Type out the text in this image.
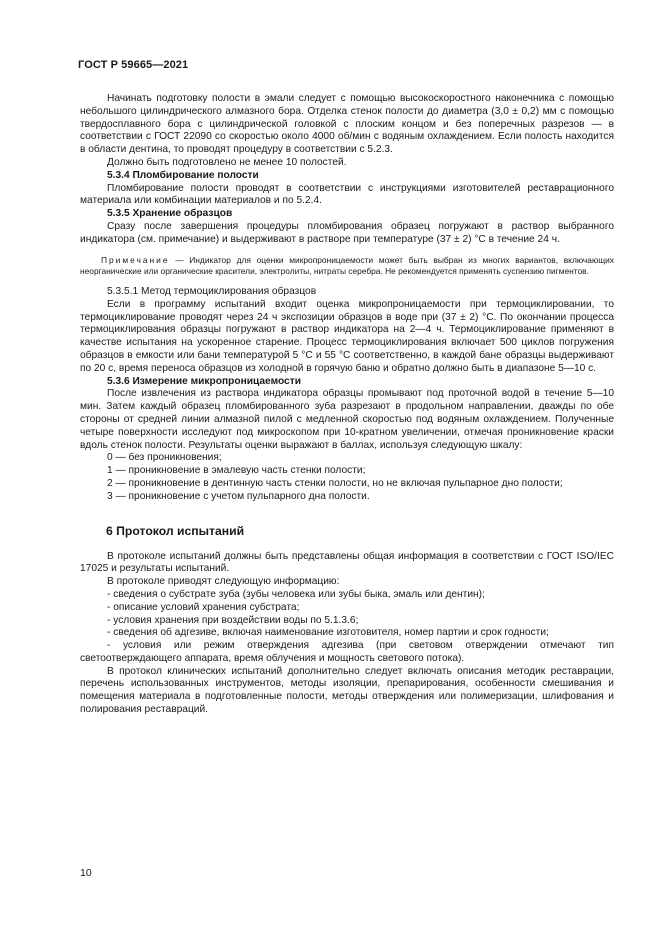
ГОСТ Р 59665—2021

Начинать подготовку полости в эмали следует с помощью высокоскоростного наконечника с помощью небольшого цилиндрического алмазного бора. Отделка стенок полости до диаметра (3,0 ± 0,2) мм с помощью твердосплавного бора с цилиндрической головкой с плоским концом и без поперечных разрезов — в соответствии с ГОСТ 22090 со скоростью около 4000 об/мин с водяным охлаждением. Если полость находится в области дентина, то проводят процедуру в соответствии с 5.2.3.

Должно быть подготовлено не менее 10 полостей.

5.3.4 Пломбирование полости

Пломбирование полости проводят в соответствии с инструкциями изготовителей реставрационного материала или комбинации материалов и по 5.2.4.

5.3.5 Хранение образцов

Сразу после завершения процедуры пломбирования образец погружают в раствор выбранного индикатора (см. примечание) и выдерживают в растворе при температуре (37 ± 2) °С в течение 24 ч.

Примечание — Индикатор для оценки микропроницаемости может быть выбран из многих вариантов, включающих неорганические или органические красители, электролиты, нитраты серебра. Не рекомендуется применять суспензию пигментов.

5.3.5.1 Метод термоциклирования образцов

Если в программу испытаний входит оценка микропроницаемости при термоциклировании, то термоциклирование проводят через 24 ч экспозиции образцов в воде при (37 ± 2) °С. По окончании процесса термоциклирования образцы погружают в раствор индикатора на 2—4 ч. Термоциклирование применяют в качестве испытания на ускоренное старение. Процесс термоциклирования включает 500 циклов погружения образцов в емкости или бани температурой 5 °С и 55 °С соответственно, в каждой бане образцы выдерживают по 20 с, время переноса образцов из холодной в горячую баню и обратно должно быть в диапазоне 5—10 с.

5.3.6 Измерение микропроницаемости

После извлечения из раствора индикатора образцы промывают под проточной водой в течение 5—10 мин. Затем каждый образец пломбированного зуба разрезают в продольном направлении, дважды по обе стороны от средней линии алмазной пилой с медленной скоростью под водяным охлаждением. Полученные четыре поверхности исследуют под микроскопом при 10-кратном увеличении, отмечая проникновение краски вдоль стенок полости. Результаты оценки выражают в баллах, используя следующую шкалу:

0 — без проникновения;

1 — проникновение в эмалевую часть стенки полости;

2 — проникновение в дентинную часть стенки полости, но не включая пульпарное дно полости;

3 — проникновение с учетом пульпарного дна полости.

6 Протокол испытаний

В протоколе испытаний должны быть представлены общая информация в соответствии с ГОСТ ISO/IEC 17025 и результаты испытаний.

В протоколе приводят следующую информацию:

- сведения о субстрате зуба (зубы человека или зубы быка, эмаль или дентин);

- описание условий хранения субстрата;

- условия хранения при воздействии воды по 5.1.3.6;

- сведения об адгезиве, включая наименование изготовителя, номер партии и срок годности;

- условия или режим отверждения адгезива (при световом отверждении отмечают тип светоотверждающего аппарата, время облучения и мощность светового потока).

В протокол клинических испытаний дополнительно следует включать описания методик реставрации, перечень использованных инструментов, методы изоляции, препарирования, особенности смешивания и помещения материала в подготовленные полости, методы отверждения или полимеризации, шлифования и полирования реставраций.

10
